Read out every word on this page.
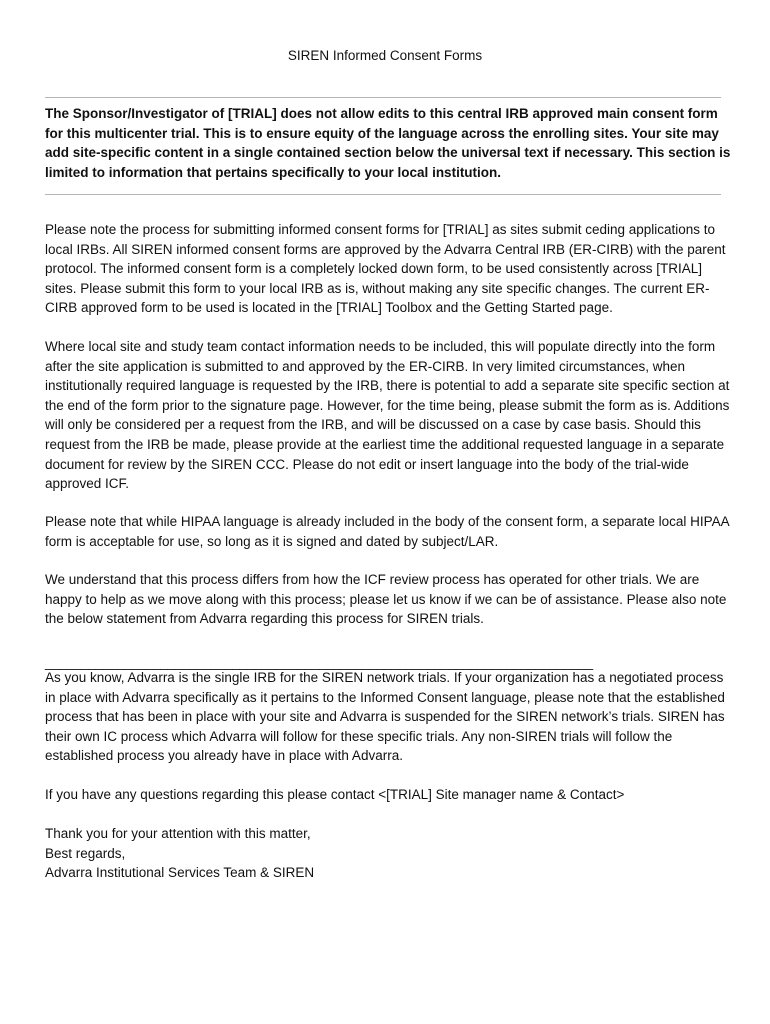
SIREN Informed Consent Forms

The Sponsor/Investigator of [TRIAL] does not allow edits to this central IRB approved main consent form for this multicenter trial. This is to ensure equity of the language across the enrolling sites. Your site may add site-specific content in a single contained section below the universal text if necessary. This section is limited to information that pertains specifically to your local institution.

Please note the process for submitting informed consent forms for [TRIAL] as sites submit ceding applications to local IRBs. All SIREN informed consent forms are approved by the Advarra Central IRB (ER-CIRB) with the parent protocol. The informed consent form is a completely locked down form, to be used consistently across [TRIAL] sites. Please submit this form to your local IRB as is, without making any site specific changes. The current ER-CIRB approved form to be used is located in the [TRIAL] Toolbox and the Getting Started page.

Where local site and study team contact information needs to be included, this will populate directly into the form after the site application is submitted to and approved by the ER-CIRB. In very limited circumstances, when institutionally required language is requested by the IRB, there is potential to add a separate site specific section at the end of the form prior to the signature page. However, for the time being, please submit the form as is. Additions will only be considered per a request from the IRB, and will be discussed on a case by case basis. Should this request from the IRB be made, please provide at the earliest time the additional requested language in a separate document for review by the SIREN CCC. Please do not edit or insert language into the body of the trial-wide approved ICF.

Please note that while HIPAA language is already included in the body of the consent form, a separate local HIPAA form is acceptable for use, so long as it is signed and dated by subject/LAR.

We understand that this process differs from how the ICF review process has operated for other trials. We are happy to help as we move along with this process; please let us know if we can be of assistance. Please also note the below statement from Advarra regarding this process for SIREN trials.

____________________________________________________________________________

As you know, Advarra is the single IRB for the SIREN network trials. If your organization has a negotiated process in place with Advarra specifically as it pertains to the Informed Consent language, please note that the established process that has been in place with your site and Advarra is suspended for the SIREN network’s trials. SIREN has their own IC process which Advarra will follow for these specific trials. Any non-SIREN trials will follow the established process you already have in place with Advarra.

If you have any questions regarding this please contact <[TRIAL] Site manager name & Contact>

Thank you for your attention with this matter,
Best regards,
Advarra Institutional Services Team & SIREN
